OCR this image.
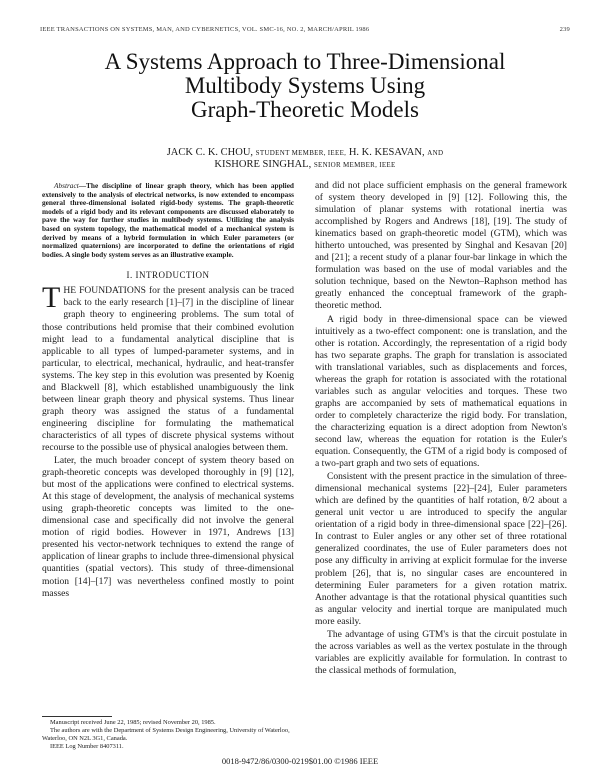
IEEE TRANSACTIONS ON SYSTEMS, MAN, AND CYBERNETICS, VOL. SMC-16, NO. 2, MARCH/APRIL 1986	239
A Systems Approach to Three-Dimensional
Multibody Systems Using
Graph-Theoretic Models
JACK C. K. CHOU, STUDENT MEMBER, IEEE, H. K. KESAVAN, AND
KISHORE SINGHAL, SENIOR MEMBER, IEEE

Abstract—The discipline of linear graph theory, which has been applied extensively to the analysis of electrical networks, is now extended to encompass general three-dimensional isolated rigid-body systems. The graph-theoretic models of a rigid body and its relevant components are discussed elaborately to pave the way for further studies in multibody systems. Utilizing the analysis based on system topology, the mathematical model of a mechanical system is derived by means of a hybrid formulation in which Euler parameters (or normalized quaternions) are incorporated to define the orientations of rigid bodies. A single body system serves as an illustrative example.

I. INTRODUCTION

THE FOUNDATIONS for the present analysis can be traced back to the early research [1]–[7] in the discipline of linear graph theory to engineering problems. The sum total of those contributions held promise that their combined evolution might lead to a fundamental analytical discipline that is applicable to all types of lumped-parameter systems, and in particular, to electrical, mechanical, hydraulic, and heat-transfer systems. The key step in this evolution was presented by Koenig and Blackwell [8], which established unambiguously the link between linear graph theory and physical systems. Thus linear graph theory was assigned the status of a fundamental engineering discipline for formulating the mathematical characteristics of all types of discrete physical systems without recourse to the possible use of physical analogies between them.

Later, the much broader concept of system theory based on graph-theoretic concepts was developed thoroughly in [9] [12], but most of the applications were confined to electrical systems. At this stage of development, the analysis of mechanical systems using graph-theoretic concepts was limited to the one-dimensional case and specifically did not involve the general motion of rigid bodies. However in 1971, Andrews [13] presented his vector-network techniques to extend the range of application of linear graphs to include three-dimensional physical quantities (spatial vectors). This study of three-dimensional motion [14]–[17] was nevertheless confined mostly to point masses

and did not place sufficient emphasis on the general framework of system theory developed in [9] [12]. Following this, the simulation of planar systems with rotational inertia was accomplished by Rogers and Andrews [18], [19]. The study of kinematics based on graph-theoretic model (GTM), which was hitherto untouched, was presented by Singhal and Kesavan [20] and [21]; a recent study of a planar four-bar linkage in which the formulation was based on the use of modal variables and the solution technique, based on the Newton–Raphson method has greatly enhanced the conceptual framework of the graph-theoretic method.

A rigid body in three-dimensional space can be viewed intuitively as a two-effect component: one is translation, and the other is rotation. Accordingly, the representation of a rigid body has two separate graphs. The graph for translation is associated with translational variables, such as displacements and forces, whereas the graph for rotation is associated with the rotational variables such as angular velocities and torques. These two graphs are accompanied by sets of mathematical equations in order to completely characterize the rigid body. For translation, the characterizing equation is a direct adoption from Newton's second law, whereas the equation for rotation is the Euler's equation. Consequently, the GTM of a rigid body is composed of a two-part graph and two sets of equations.

Consistent with the present practice in the simulation of three-dimensional mechanical systems [22]–[24], Euler parameters which are defined by the quantities of half rotation, θ/2 about a general unit vector u are introduced to specify the angular orientation of a rigid body in three-dimensional space [22]–[26]. In contrast to Euler angles or any other set of three rotational generalized coordinates, the use of Euler parameters does not pose any difficulty in arriving at explicit formulae for the inverse problem [26], that is, no singular cases are encountered in determining Euler parameters for a given rotation matrix. Another advantage is that the rotational physical quantities such as angular velocity and inertial torque are manipulated much more easily.

The advantage of using GTM's is that the circuit postulate in the across variables as well as the vertex postulate in the through variables are explicitly available for formulation. In contrast to the classical methods of formulation,

Manuscript received June 22, 1985; revised November 20, 1985.

The authors are with the Department of Systems Design Engineering, University of Waterloo, Waterloo, ON N2L 3G1, Canada.

IEEE Log Number 8407311.

0018-9472/86/0300-0219$01.00 ©1986 IEEE
